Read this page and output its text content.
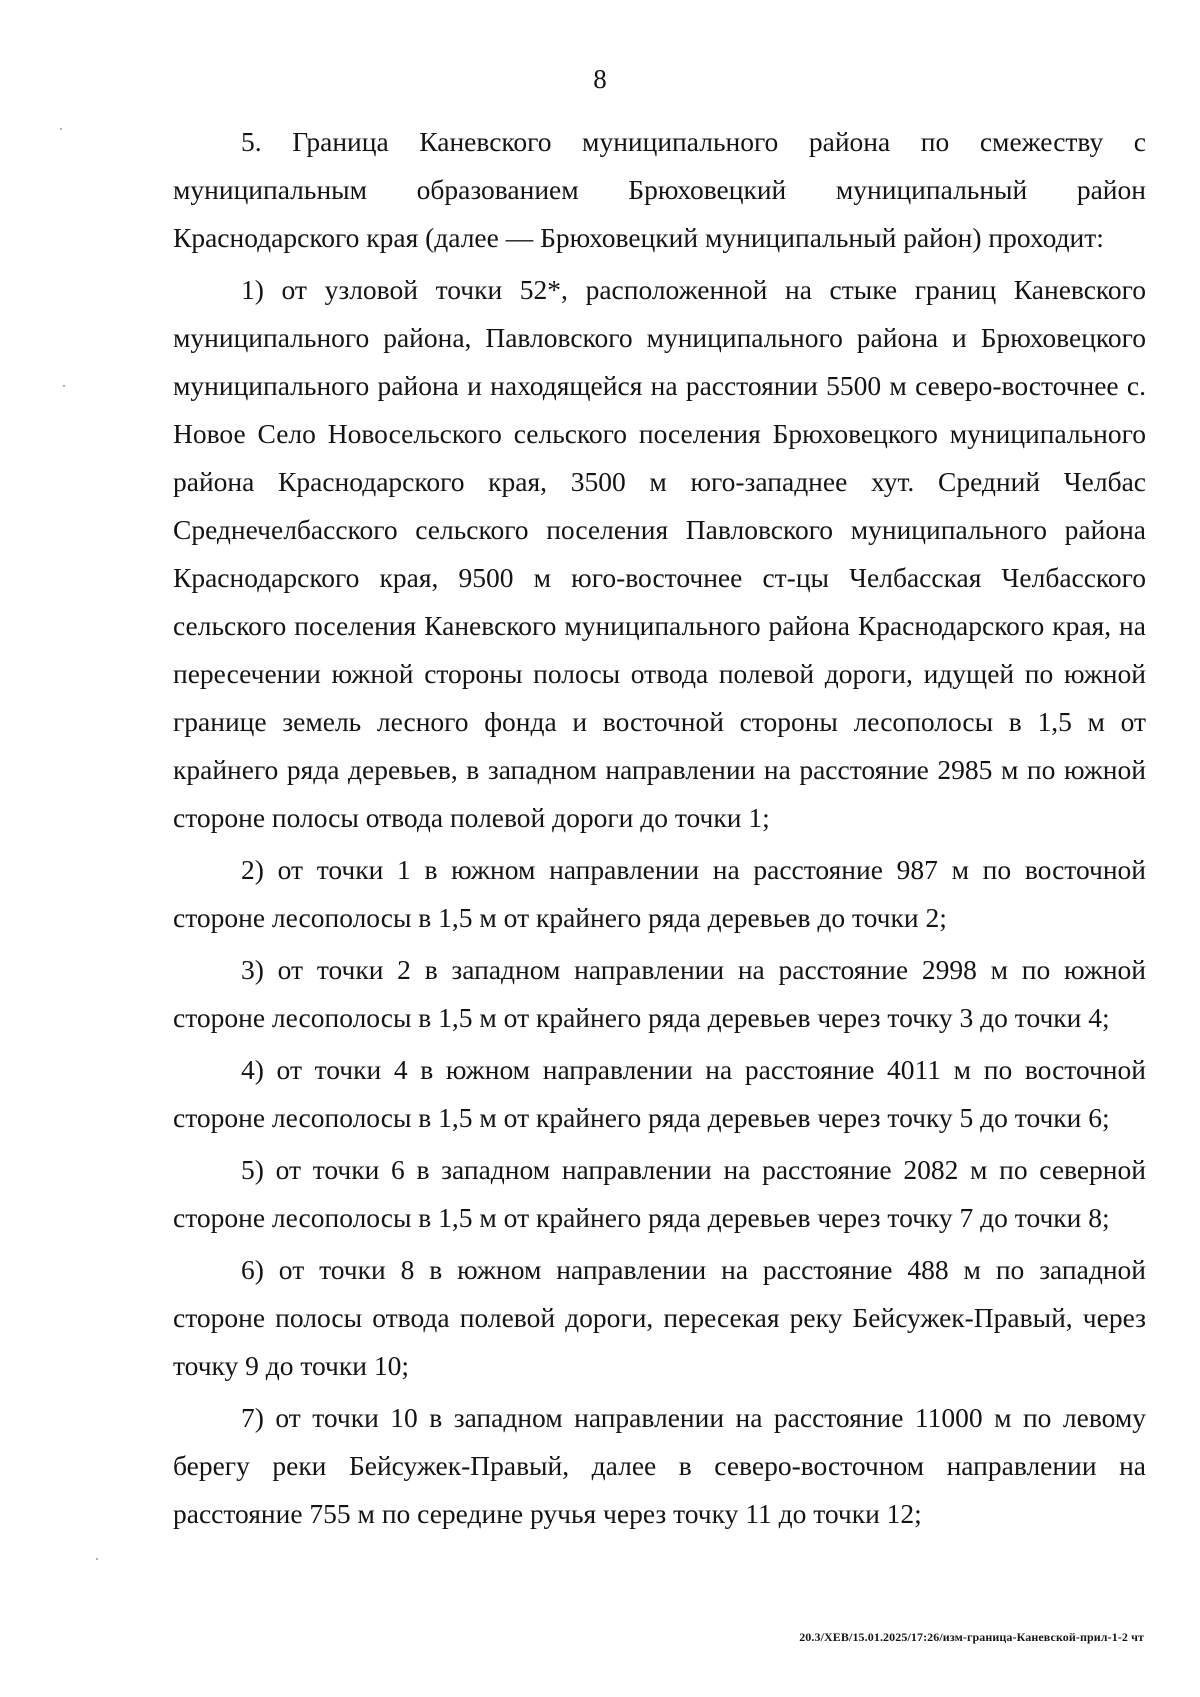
8

5. Граница Каневского муниципального района по смежеству с муниципальным образованием Брюховецкий муниципальный район Краснодарского края (далее — Брюховецкий муниципальный район) проходит:

1) от узловой точки 52*, расположенной на стыке границ Каневского муниципального района, Павловского муниципального района и Брюховецкого муниципального района и находящейся на расстоянии 5500 м северо-восточнее с. Новое Село Новосельского сельского поселения Брюховецкого муниципального района Краснодарского края, 3500 м юго-западнее хут. Средний Челбас Среднечелбасского сельского поселения Павловского муниципального района Краснодарского края, 9500 м юго-восточнее ст-цы Челбасская Челбасского сельского поселения Каневского муниципального района Краснодарского края, на пересечении южной стороны полосы отвода полевой дороги, идущей по южной границе земель лесного фонда и восточной стороны лесополосы в 1,5 м от крайнего ряда деревьев, в западном направлении на расстояние 2985 м по южной стороне полосы отвода полевой дороги до точки 1;

2) от точки 1 в южном направлении на расстояние 987 м по восточной стороне лесополосы в 1,5 м от крайнего ряда деревьев до точки 2;

3) от точки 2 в западном направлении на расстояние 2998 м по южной стороне лесополосы в 1,5 м от крайнего ряда деревьев через точку 3 до точки 4;

4) от точки 4 в южном направлении на расстояние 4011 м по восточной стороне лесополосы в 1,5 м от крайнего ряда деревьев через точку 5 до точки 6;

5) от точки 6 в западном направлении на расстояние 2082 м по северной стороне лесополосы в 1,5 м от крайнего ряда деревьев через точку 7 до точки 8;

6) от точки 8 в южном направлении на расстояние 488 м по западной стороне полосы отвода полевой дороги, пересекая реку Бейсужек-Правый, через точку 9 до точки 10;

7) от точки 10 в западном направлении на расстояние 11000 м по левому берегу реки Бейсужек-Правый, далее в северо-восточном направлении на расстояние 755 м по середине ручья через точку 11 до точки 12;

20.3/ХЕВ/15.01.2025/17:26/изм-граница-Каневской-прил-1-2 чт
